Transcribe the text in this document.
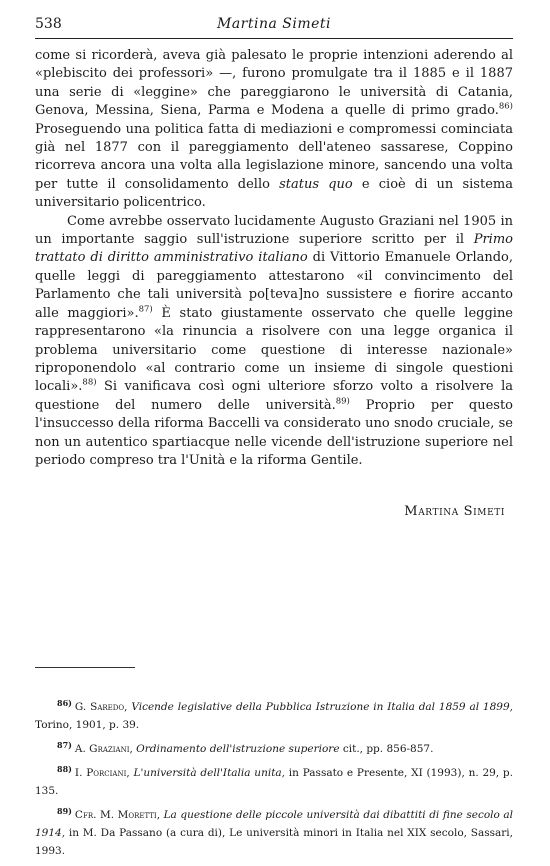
538	Martina Simeti

come si ricorderà, aveva già palesato le proprie intenzioni aderendo al «plebiscito dei professori» —, furono promulgate tra il 1885 e il 1887 una serie di «leggine» che pareggiarono le università di Catania, Genova, Messina, Siena, Parma e Modena a quelle di primo grado.$^{86)}$ Proseguendo una politica fatta di mediazioni e compromessi cominciata già nel 1877 con il pareggiamento dell'ateneo sassarese, Coppino ricorreva ancora una volta alla legislazione minore, sancendo una volta per tutte il consolidamento dello status quo e cioè di un sistema universitario policentrico.

Come avrebbe osservato lucidamente Augusto Graziani nel 1905 in un importante saggio sull'istruzione superiore scritto per il Primo trattato di diritto amministrativo italiano di Vittorio Emanuele Orlando, quelle leggi di pareggiamento attestarono «il convincimento del Parlamento che tali università po[teva]no sussistere e fiorire accanto alle maggiori».$^{87)}$ È stato giustamente osservato che quelle leggine rappresentarono «la rinuncia a risolvere con una legge organica il problema universitario come questione di interesse nazionale» riproponendolo «al contrario come un insieme di singole questioni locali».$^{88)}$ Si vanificava così ogni ulteriore sforzo volto a risolvere la questione del numero delle università.$^{89)}$ Proprio per questo l'insuccesso della riforma Baccelli va considerato uno snodo cruciale, se non un autentico spartiacque nelle vicende dell'istruzione superiore nel periodo compreso tra l'Unità e la riforma Gentile.

Martina Simeti

$^{86)}$ G. Saredo, Vicende legislative della Pubblica Istruzione in Italia dal 1859 al 1899, Torino, 1901, p. 39.

$^{87)}$ A. Graziani, Ordinamento dell'istruzione superiore cit., pp. 856-857.

$^{88)}$ I. Porciani, L'università dell'Italia unita, in Passato e Presente, XI (1993), n. 29, p. 135.

$^{89)}$ Cfr. M. Moretti, La questione delle piccole università dai dibattiti di fine secolo al 1914, in M. Da Passano (a cura di), Le università minori in Italia nel XIX secolo, Sassari, 1993.
